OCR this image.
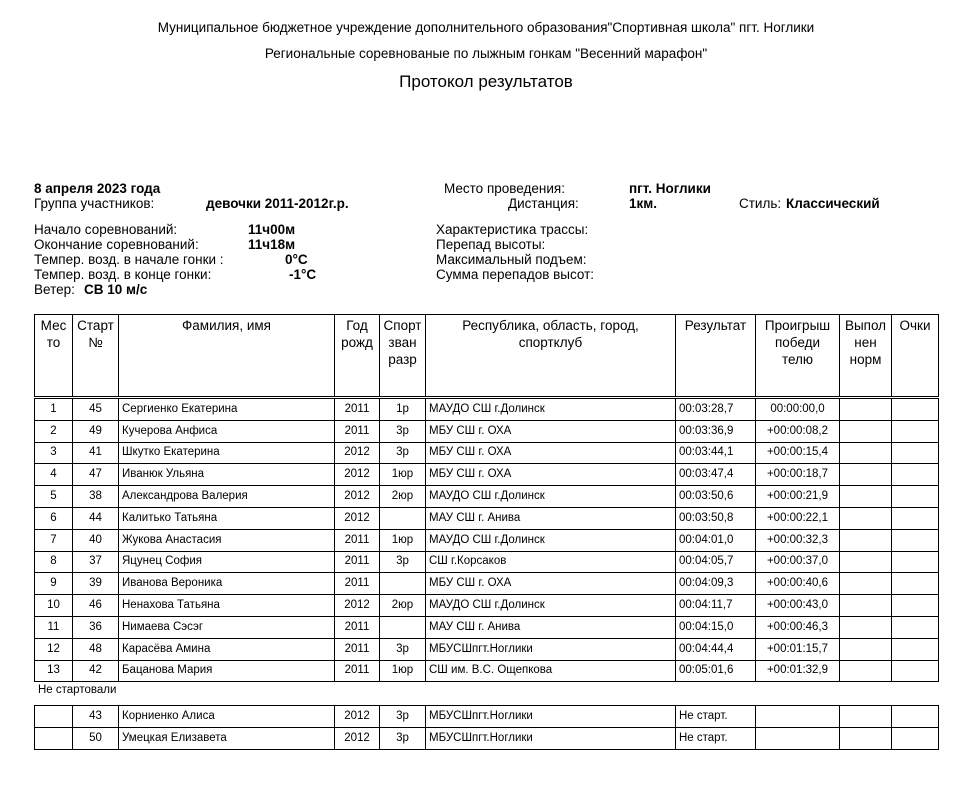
Муниципальное бюджетное учреждение дополнительного образования"Спортивная школа" пгт. Ноглики
Региональные соревнованые по лыжным гонкам "Весенний марафон"
Протокол результатов
8 апреля 2023 года
Группа участников:	девочки 2011-2012г.р.
Начало соревнований:	11ч00м
Окончание соревнований:	11ч18м
Темпер. возд. в начале гонки :	0°C
Темпер. возд. в конце гонки:	-1°C
Ветер: СВ 10 м/с
Место проведения:	пгт. Ноглики
Дистанция:	1км.	Стиль: Классический
Характеристика трассы:
Перепад высоты:
Максимальный подъем:
Сумма перепадов высот:
Мес то	Старт №	Фамилия, имя	Год рожд	Спорт зван разр	Республика, область, город, спортклуб	Результат	Проигрыш победи телю	Выпол нен норм	Очки
1	45	Сергиенко Екатерина	2011	1р	МАУДО СШ г.Долинск	00:03:28,7	00:00:00,0		
2	49	Кучерова Анфиса	2011	3р	МБУ СШ г. ОХА	00:03:36,9	+00:00:08,2		
3	41	Шкутко Екатерина	2012	3р	МБУ СШ г. ОХА	00:03:44,1	+00:00:15,4		
4	47	Иванюк Ульяна	2012	1юр	МБУ СШ г. ОХА	00:03:47,4	+00:00:18,7		
5	38	Александрова Валерия	2012	2юр	МАУДО СШ г.Долинск	00:03:50,6	+00:00:21,9		
6	44	Калитько Татьяна	2012		МАУ СШ г. Анива	00:03:50,8	+00:00:22,1		
7	40	Жукова Анастасия	2011	1юр	МАУДО СШ г.Долинск	00:04:01,0	+00:00:32,3		
8	37	Яцунец София	2011	3р	СШ г.Корсаков	00:04:05,7	+00:00:37,0		
9	39	Иванова Вероника	2011		МБУ СШ г. ОХА	00:04:09,3	+00:00:40,6		
10	46	Ненахова Татьяна	2012	2юр	МАУДО СШ г.Долинск	00:04:11,7	+00:00:43,0		
11	36	Нимаева Сэсэг	2011		МАУ СШ г. Анива	00:04:15,0	+00:00:46,3		
12	48	Карасёва Амина	2011	3р	МБУСШпгт.Ноглики	00:04:44,4	+00:01:15,7		
13	42	Бацанова Мария	2011	1юр	СШ им. В.С. Ощепкова	00:05:01,6	+00:01:32,9		
Не стартовали
	43	Корниенко Алиса	2012	3р	МБУСШпгт.Ноглики	Не старт.			
	50	Умецкая Елизавета	2012	3р	МБУСШпгт.Ноглики	Не старт.			
